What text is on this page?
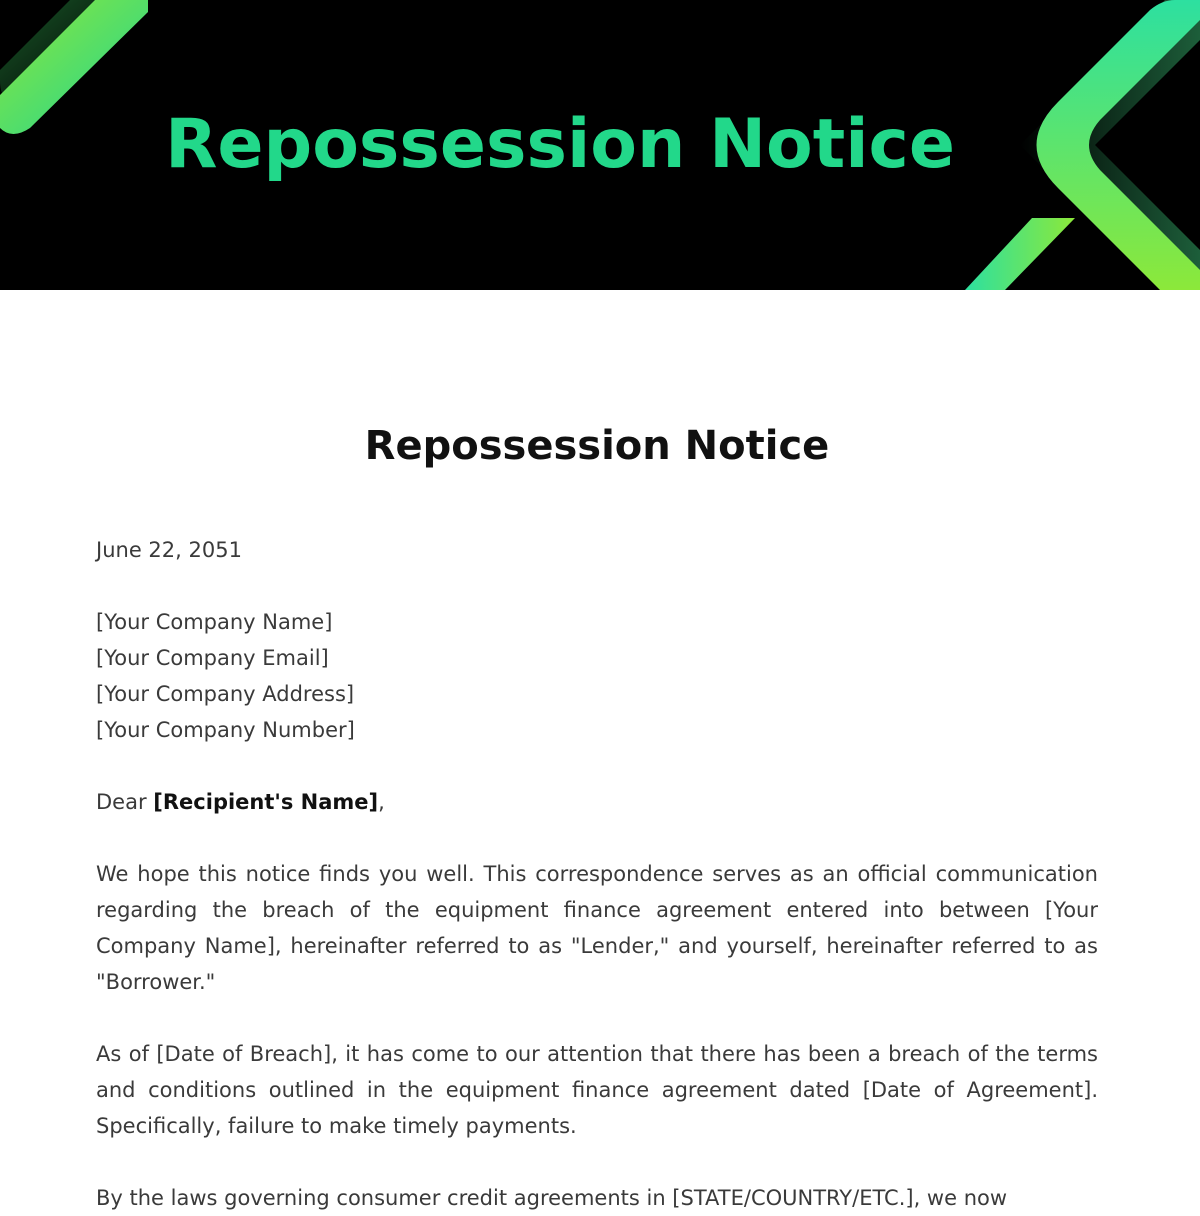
Repossession Notice
Repossession Notice

June 22, 2051

[Your Company Name]
[Your Company Email]
[Your Company Address]
[Your Company Number]

Dear [Recipient's Name],

We hope this notice finds you well. This correspondence serves as an official communication regarding the breach of the equipment finance agreement entered into between [Your Company Name], hereinafter referred to as "Lender," and yourself, hereinafter referred to as "Borrower."

As of [Date of Breach], it has come to our attention that there has been a breach of the terms and conditions outlined in the equipment finance agreement dated [Date of Agreement]. Specifically, failure to make timely payments.

By the laws governing consumer credit agreements in [STATE/COUNTRY/ETC.], we now
